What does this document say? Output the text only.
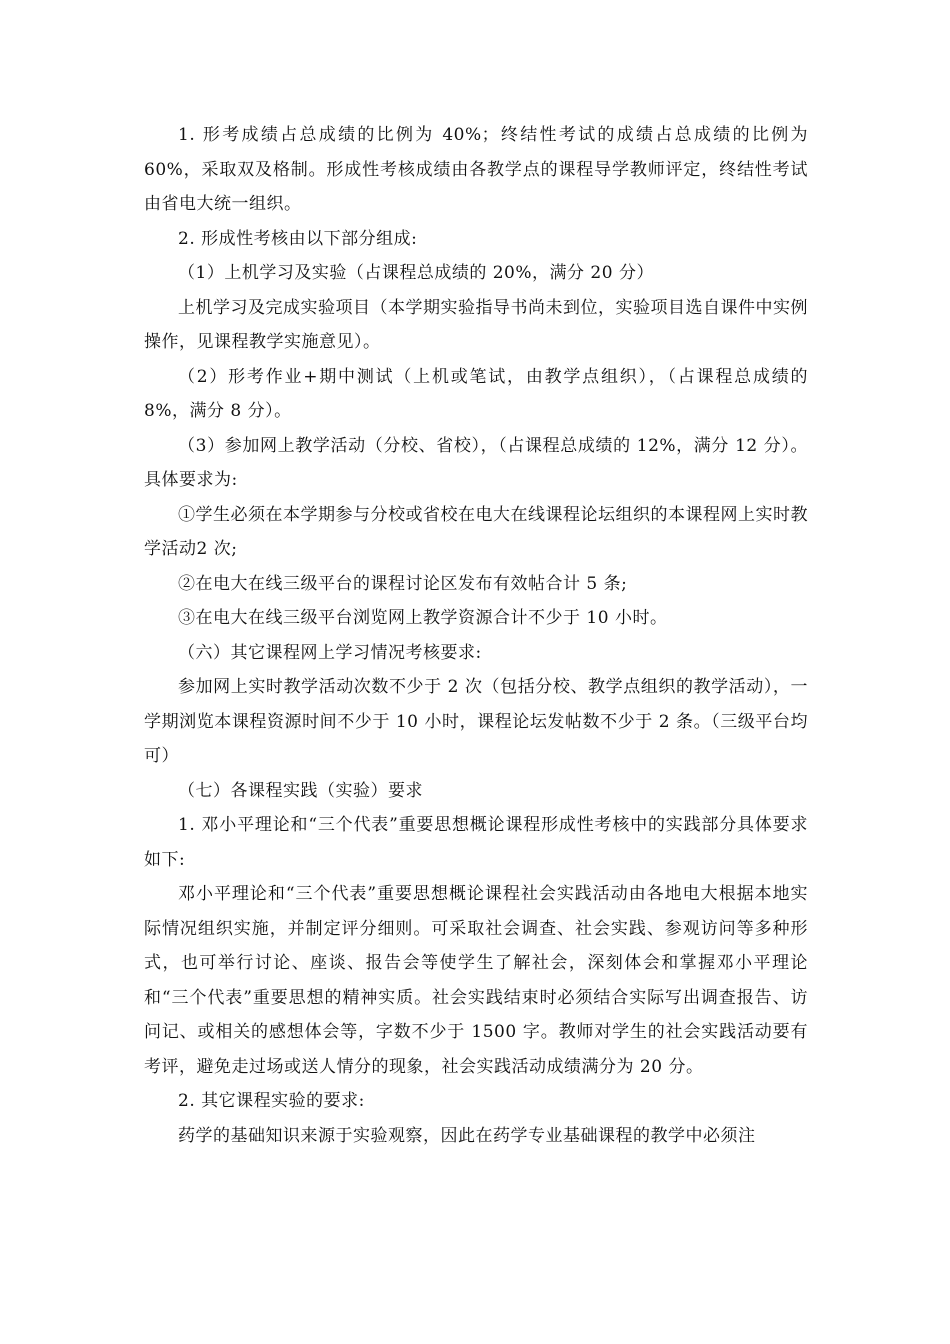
1. 形考成绩占总成绩的比例为 40%；终结性考试的成绩占总成绩的比例为 60%，采取双及格制。形成性考核成绩由各教学点的课程导学教师评定，终结性考试由省电大统一组织。

2. 形成性考核由以下部分组成:

（1）上机学习及实验（占课程总成绩的 20%，满分 20 分）

上机学习及完成实验项目（本学期实验指导书尚未到位，实验项目选自课件中实例操作，见课程教学实施意见）。

（2）形考作业+期中测试（上机或笔试，由教学点组织），（占课程总成绩的 8%，满分 8 分）。

（3）参加网上教学活动（分校、省校），（占课程总成绩的 12%，满分 12 分）。具体要求为:

①学生必须在本学期参与分校或省校在电大在线课程论坛组织的本课程网上实时教学活动2 次;

②在电大在线三级平台的课程讨论区发布有效帖合计 5 条;

③在电大在线三级平台浏览网上教学资源合计不少于 10 小时。

（六）其它课程网上学习情况考核要求:

参加网上实时教学活动次数不少于 2 次（包括分校、教学点组织的教学活动），一学期浏览本课程资源时间不少于 10 小时，课程论坛发帖数不少于 2 条。（三级平台均可）

（七）各课程实践（实验）要求

1. 邓小平理论和“三个代表”重要思想概论课程形成性考核中的实践部分具体要求如下:

邓小平理论和“三个代表”重要思想概论课程社会实践活动由各地电大根据本地实际情况组织实施，并制定评分细则。可采取社会调查、社会实践、参观访问等多种形式，也可举行讨论、座谈、报告会等使学生了解社会，深刻体会和掌握邓小平理论和“三个代表”重要思想的精神实质。社会实践结束时必须结合实际写出调查报告、访问记、或相关的感想体会等，字数不少于 1500 字。教师对学生的社会实践活动要有考评，避免走过场或送人情分的现象，社会实践活动成绩满分为 20 分。

2. 其它课程实验的要求:

药学的基础知识来源于实验观察，因此在药学专业基础课程的教学中必须注
